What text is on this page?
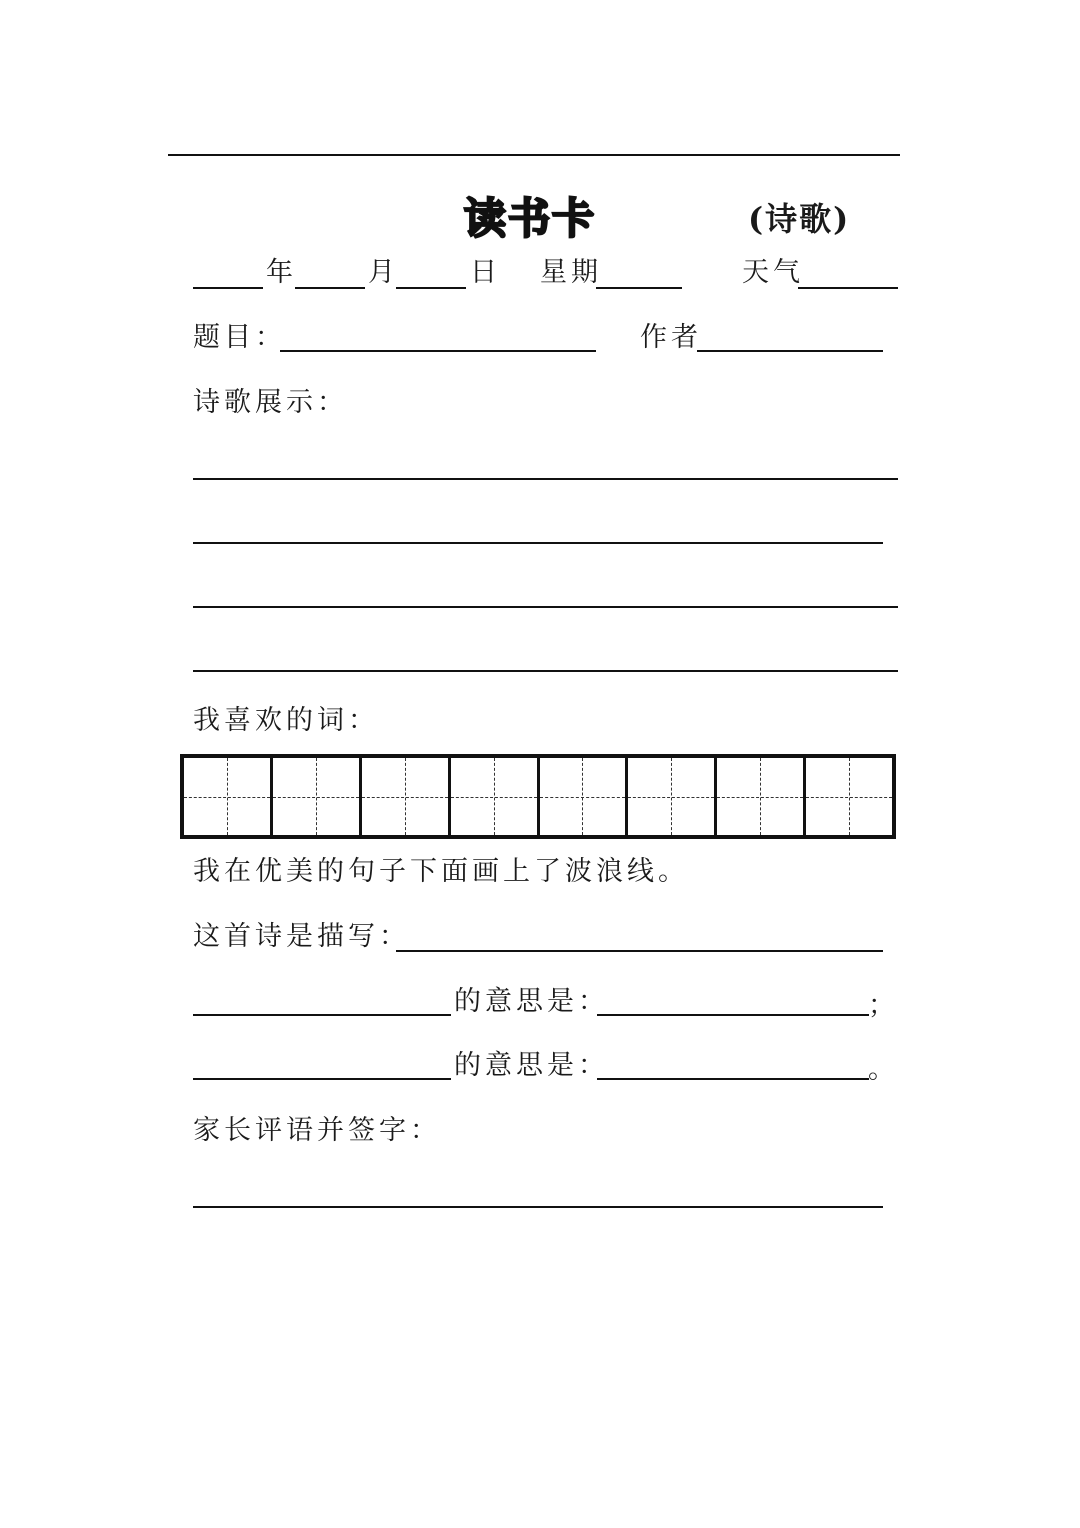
读书卡	(诗歌)
年	月	日 星期	天气
题目：	作者
诗歌展示：
我喜欢的词：
我在优美的句子下面画上了波浪线。
这首诗是描写：
的意思是：	；
的意思是：	。
家长评语并签字：
